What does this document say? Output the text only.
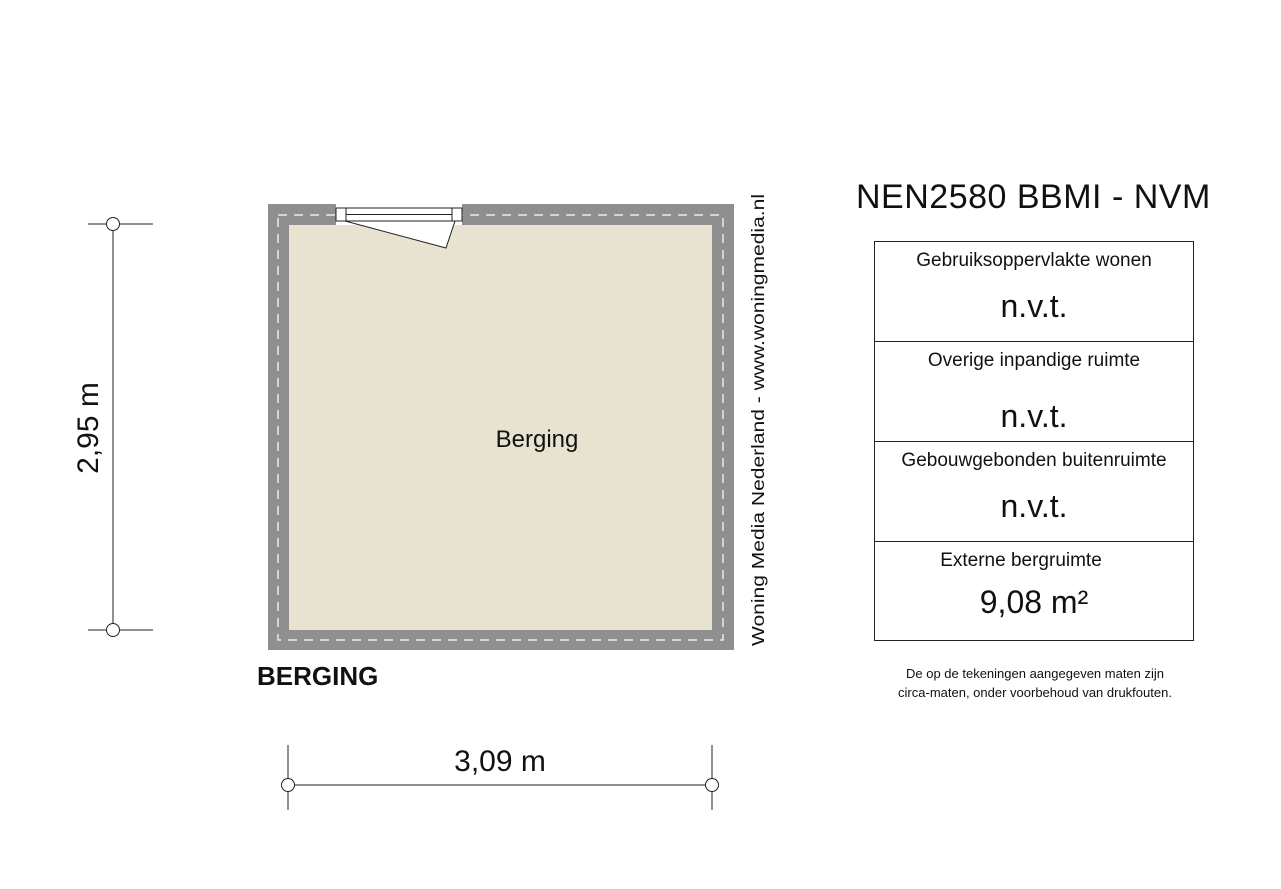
Berging	Woning Media Nederland - www.woningmedia.nl
BERGING
2,95 m
3,09 m
NEN2580 BBMI - NVM
Gebruiksoppervlakte wonen
n.v.t.
Overige inpandige ruimte
n.v.t.
Gebouwgebonden buitenruimte
n.v.t.
Externe bergruimte
9,08 m²
De op de tekeningen aangegeven maten zijn
circa-maten, onder voorbehoud van drukfouten.
